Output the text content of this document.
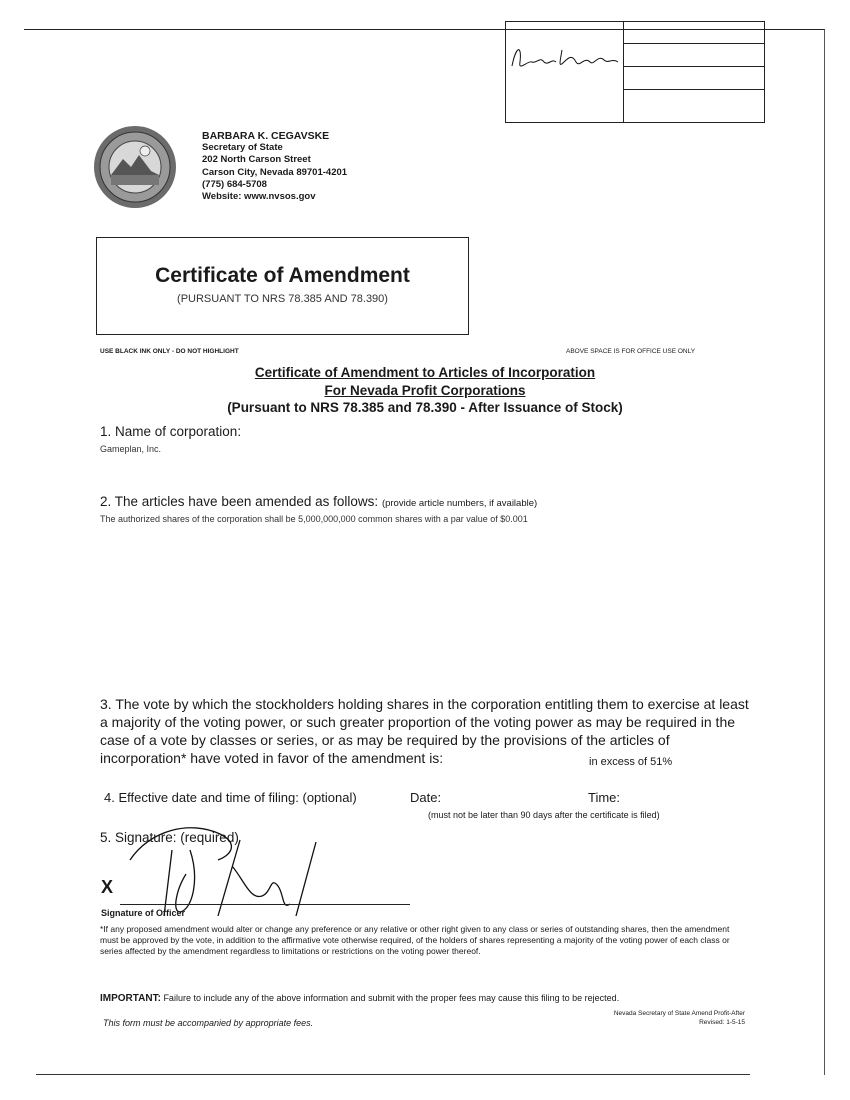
BARBARA K. CEGAVSKE
Secretary of State
202 North Carson Street
Carson City, Nevada 89701-4201
(775) 684-5708
Website: www.nvsos.gov
Certificate of Amendment
(PURSUANT TO NRS 78.385 AND 78.390)
USE BLACK INK ONLY - DO NOT HIGHLIGHT	ABOVE SPACE IS FOR OFFICE USE ONLY
Certificate of Amendment to Articles of Incorporation
For Nevada Profit Corporations
(Pursuant to NRS 78.385 and 78.390 - After Issuance of Stock)
1. Name of corporation:
Gameplan, Inc.
2. The articles have been amended as follows: (provide article numbers, if available)
The authorized shares of the corporation shall be 5,000,000,000 common shares with a par value of $0.001
3. The vote by which the stockholders holding shares in the corporation entitling them to exercise at least a majority of the voting power, or such greater proportion of the voting power as may be required in the case of a vote by classes or series, or as may be required by the provisions of the articles of incorporation* have voted in favor of the amendment is:	in excess of 51%
4. Effective date and time of filing: (optional)	Date:	Time:
(must not be later than 90 days after the certificate is filed)
5. Signature: (required)
X
Signature of Officer
*If any proposed amendment would alter or change any preference or any relative or other right given to any class or series of outstanding shares, then the amendment must be approved by the vote, in addition to the affirmative vote otherwise required, of the holders of shares representing a majority of the voting power of each class or series affected by the amendment regardless to limitations or restrictions on the voting power thereof.
IMPORTANT: Failure to include any of the above information and submit with the proper fees may cause this filing to be rejected.
This form must be accompanied by appropriate fees.
Nevada Secretary of State Amend Profit-After
Revised: 1-5-15
